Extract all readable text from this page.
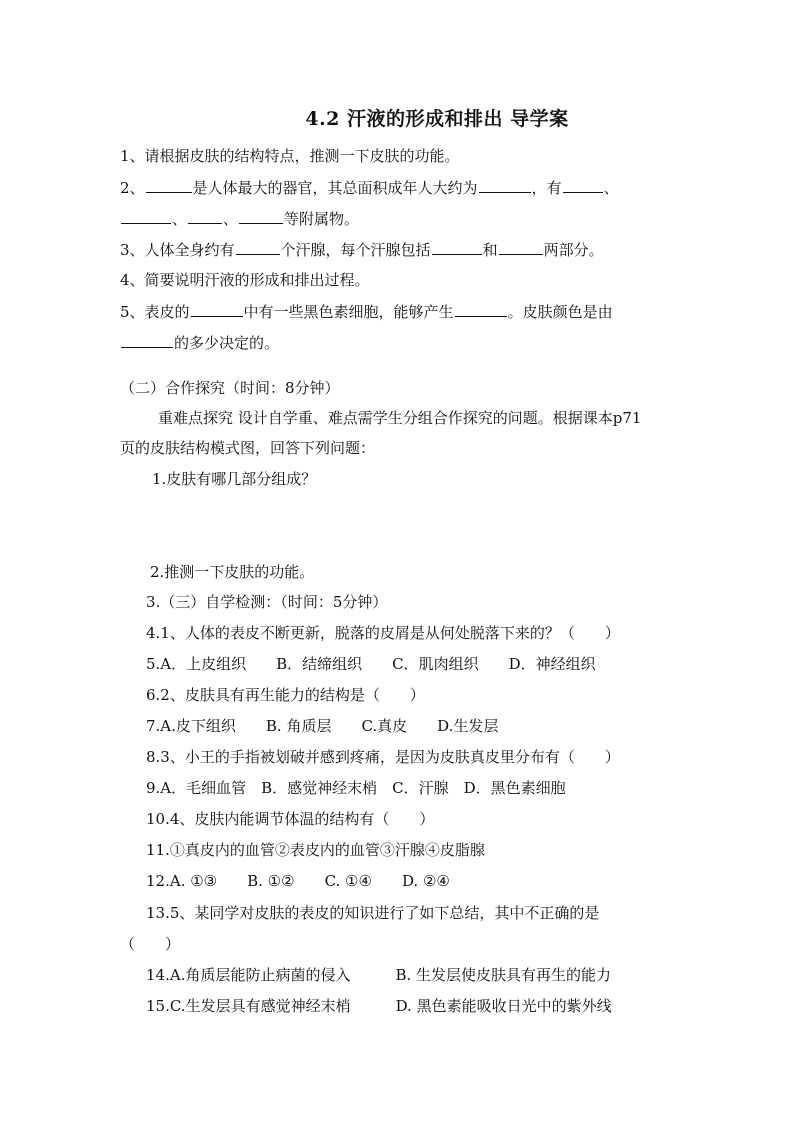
4.2 汗液的形成和排出 导学案
1、请根据皮肤的结构特点，推测一下皮肤的功能。
2、	是人体最大的器官，其总面积成年人大约为	，有	、
、 、	等附属物。
3、人体全身约有	个汗腺，每个汗腺包括	和	两部分。
4、简要说明汗液的形成和排出过程。
5、表皮的	中有一些黑色素细胞，能够产生	。皮肤颜色是由
的多少决定的。
（二）合作探究（时间：8分钟）
重难点探究 设计自学重、难点需学生分组合作探究的问题。根据课本p71
页的皮肤结构模式图，回答下列问题：
1.皮肤有哪几部分组成？
2.推测一下皮肤的功能。
3.（三）自学检测：（时间：5分钟）
4.1、人体的表皮不断更新，脱落的皮屑是从何处脱落下来的？（　　）
5.A．上皮组织　　B．结缔组织　　C．肌肉组织　　D．神经组织
6.2、皮肤具有再生能力的结构是（　　）
7.A.皮下组织　　B. 角质层　　C.真皮　　D.生发层
8.3、小王的手指被划破并感到疼痛，是因为皮肤真皮里分布有（　　）
9.A．毛细血管　B．感觉神经末梢　C．汗腺　D．黑色素细胞
10.4、皮肤内能调节体温的结构有（　　）
11.①真皮内的血管②表皮内的血管③汗腺④皮脂腺
12.A. ①③　　B. ①②　　C. ①④　　D. ②④
13.5、某同学对皮肤的表皮的知识进行了如下总结，其中不正确的是
（　　）
14.A.角质层能防止病菌的侵入　　　B. 生发层使皮肤具有再生的能力
15.C.生发层具有感觉神经末梢　　　D. 黑色素能吸收日光中的紫外线
